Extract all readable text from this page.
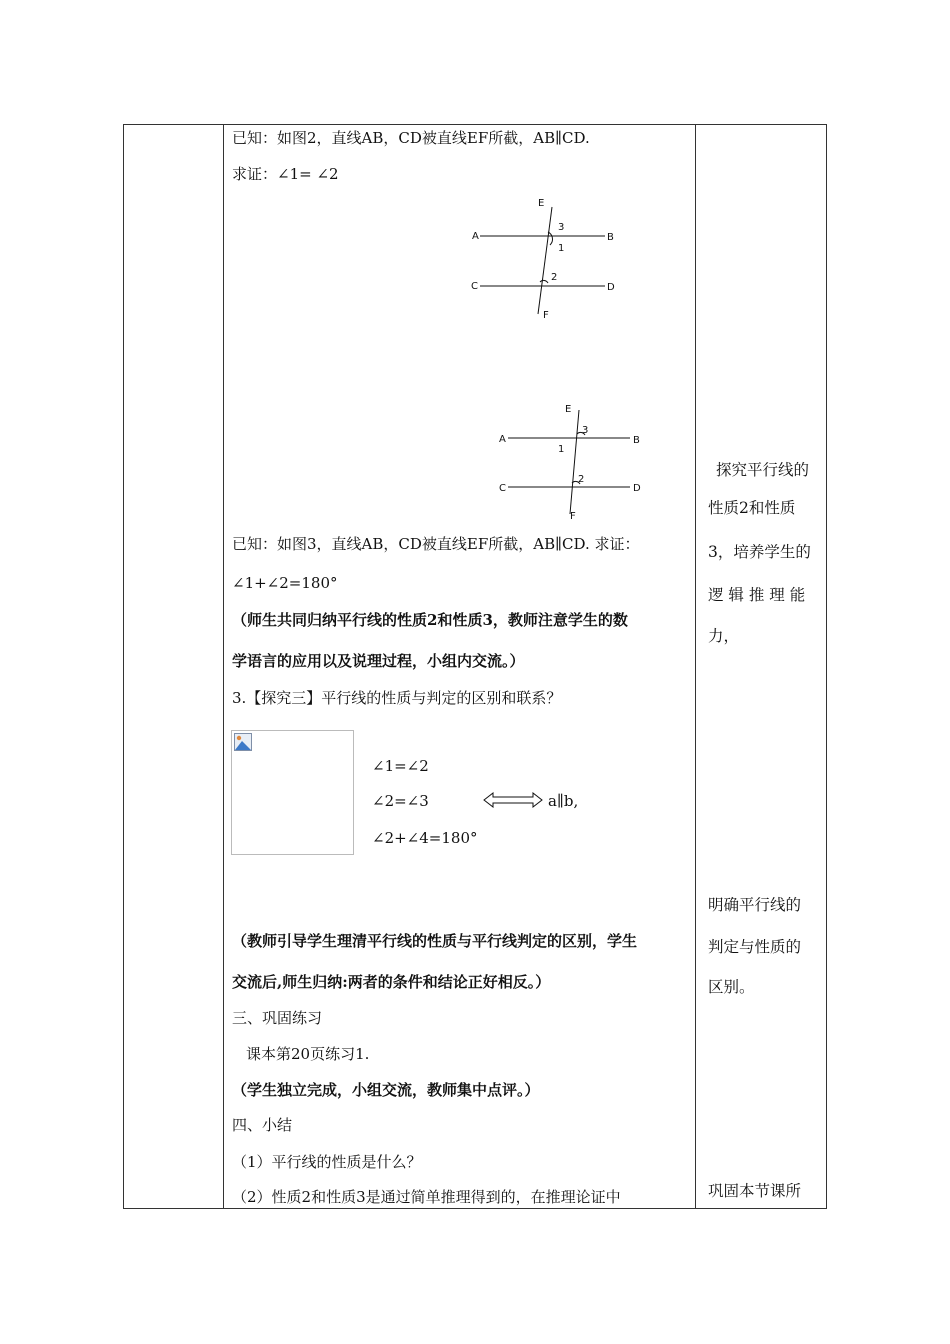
已知：如图2，直线AB，CD被直线EF所截，AB∥CD.
求证：∠1= ∠2
A	B
C	D
E
F
1
2
3
A	B
C	D
E
F
1
2
3
已知：如图3，直线AB，CD被直线EF所截，AB∥CD. 求证：
∠1+∠2=180°
（师生共同归纳平行线的性质2和性质3，教师注意学生的数
学语言的应用以及说理过程，小组内交流。）
3.【探究三】平行线的性质与判定的区别和联系？
∠1=∠2
∠2=∠3
∠2+∠4=180°
a∥b,
（教师引导学生理清平行线的性质与平行线判定的区别，学生
交流后,师生归纳:两者的条件和结论正好相反。）
三、巩固练习
课本第20页练习1.
（学生独立完成，小组交流，教师集中点评。）
四、小结
（1）平行线的性质是什么？
（2）性质2和性质3是通过简单推理得到的，在推理论证中
探究平行线的
性质2和性质
3，培养学生的
逻 辑 推 理 能
力，
明确平行线的
判定与性质的
区别。
巩固本节课所
